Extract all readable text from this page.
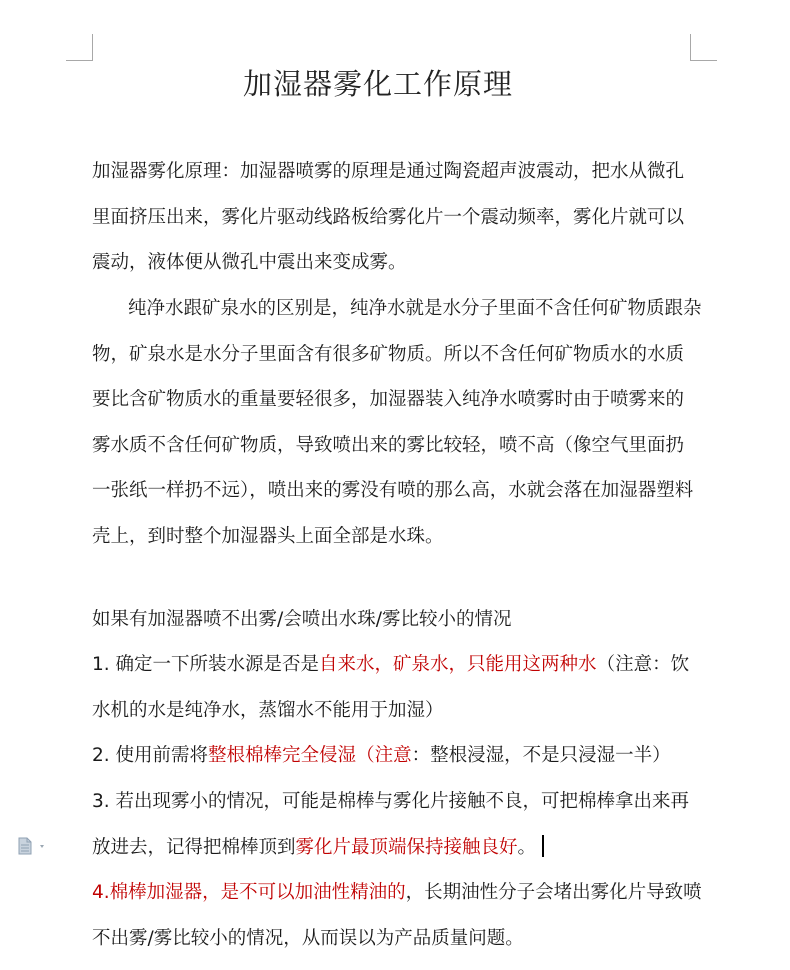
加湿器雾化工作原理

加湿器雾化原理：加湿器喷雾的原理是通过陶瓷超声波震动，把水从微孔里面挤压出来，雾化片驱动线路板给雾化片一个震动频率，雾化片就可以震动，液体便从微孔中震出来变成雾。

纯净水跟矿泉水的区别是，纯净水就是水分子里面不含任何矿物质跟杂物，矿泉水是水分子里面含有很多矿物质。所以不含任何矿物质水的水质要比含矿物质水的重量要轻很多，加湿器装入纯净水喷雾时由于喷雾来的雾水质不含任何矿物质，导致喷出来的雾比较轻，喷不高（像空气里面扔一张纸一样扔不远），喷出来的雾没有喷的那么高，水就会落在加湿器塑料壳上，到时整个加湿器头上面全部是水珠。

如果有加湿器喷不出雾/会喷出水珠/雾比较小的情况

1. 确定一下所装水源是否是自来水，矿泉水，只能用这两种水（注意：饮水机的水是纯净水，蒸馏水不能用于加湿）

2. 使用前需将整根棉棒完全侵湿（注意：整根浸湿，不是只浸湿一半）

3. 若出现雾小的情况，可能是棉棒与雾化片接触不良，可把棉棒拿出来再放进去，记得把棉棒顶到雾化片最顶端保持接触良好。

4.棉棒加湿器，是不可以加油性精油的，长期油性分子会堵出雾化片导致喷不出雾/雾比较小的情况，从而误以为产品质量问题。
